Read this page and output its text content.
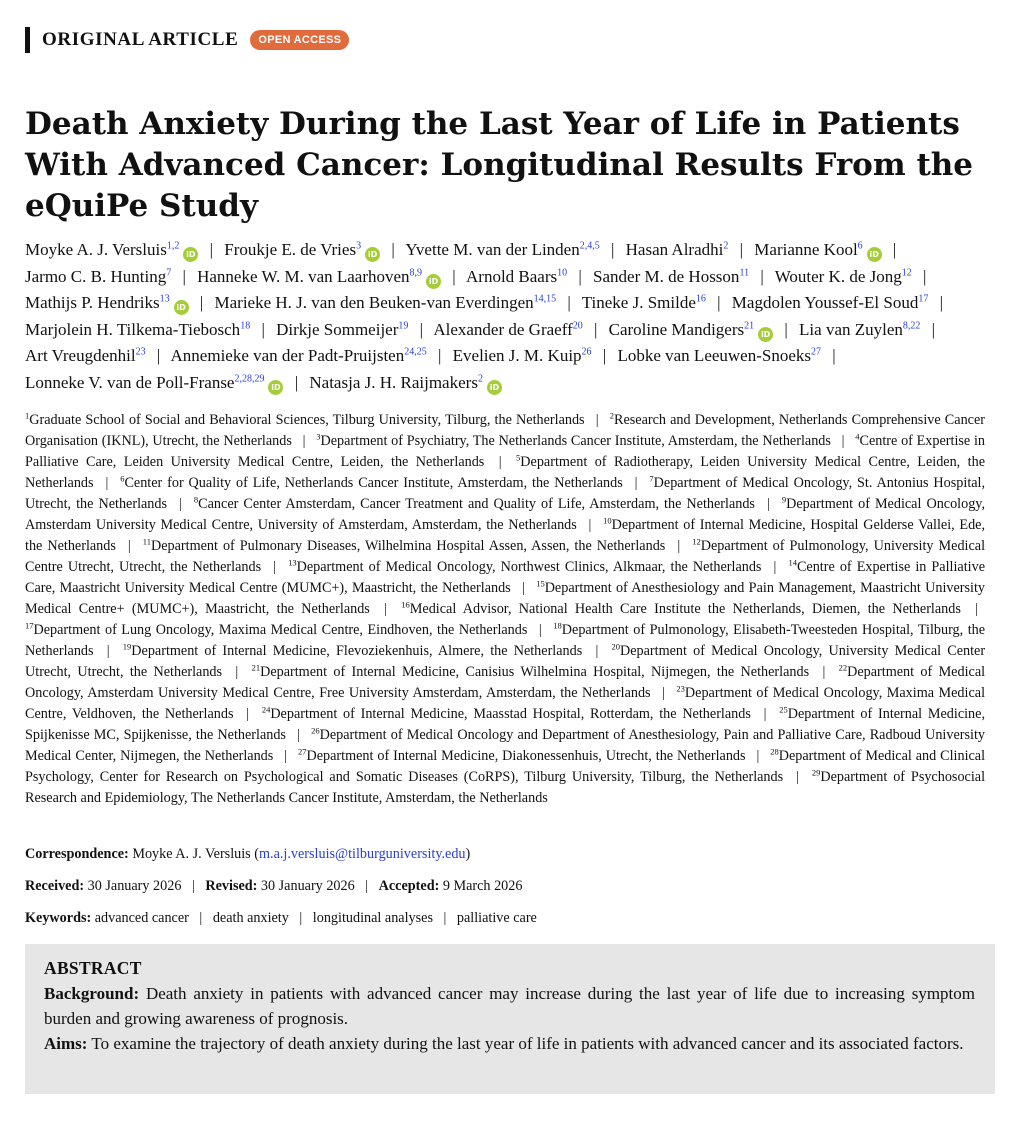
ORIGINAL ARTICLE	OPEN ACCESS
Death Anxiety During the Last Year of Life in Patients With Advanced Cancer: Longitudinal Results From the eQuiPe Study
Moyke A. J. Versluis$^{1,2}$iD | Froukje E. de Vries$^3$iD | Yvette M. van der Linden$^{2,4,5}$ | Hasan Alradhi$^2$ | Marianne Kool$^6$iD | Jarmo C. B. Hunting$^7$ | Hanneke W. M. van Laarhoven$^{8,9}$iD | Arnold Baars$^{10}$ | Sander M. de Hosson$^{11}$ | Wouter K. de Jong$^{12}$ | Mathijs P. Hendriks$^{13}$iD | Marieke H. J. van den Beuken-van Everdingen$^{14,15}$ | Tineke J. Smilde$^{16}$ | Magdolen Youssef-El Soud$^{17}$ | Marjolein H. Tilkema-Tiebosch$^{18}$ | Dirkje Sommeijer$^{19}$ | Alexander de Graeff$^{20}$ | Caroline Mandigers$^{21}$iD | Lia van Zuylen$^{8,22}$ | Art Vreugdenhil$^{23}$ | Annemieke van der Padt-Pruijsten$^{24,25}$ | Evelien J. M. Kuip$^{26}$ | Lobke van Leeuwen-Snoeks$^{27}$ | Lonneke V. van de Poll-Franse$^{2,28,29}$iD | Natasja J. H. Raijmakers$^2$iD
$^1$Graduate School of Social and Behavioral Sciences, Tilburg University, Tilburg, the Netherlands | $^2$Research and Development, Netherlands Comprehensive Cancer Organisation (IKNL), Utrecht, the Netherlands | $^3$Department of Psychiatry, The Netherlands Cancer Institute, Amsterdam, the Netherlands | $^4$Centre of Expertise in Palliative Care, Leiden University Medical Centre, Leiden, the Netherlands | $^5$Department of Radiotherapy, Leiden University Medical Centre, Leiden, the Netherlands | $^6$Center for Quality of Life, Netherlands Cancer Institute, Amsterdam, the Netherlands | $^7$Department of Medical Oncology, St. Antonius Hospital, Utrecht, the Netherlands | $^8$Cancer Center Amsterdam, Cancer Treatment and Quality of Life, Amsterdam, the Netherlands | $^9$Department of Medical Oncology, Amsterdam University Medical Centre, University of Amsterdam, Amsterdam, the Netherlands | $^{10}$Department of Internal Medicine, Hospital Gelderse Vallei, Ede, the Netherlands | $^{11}$Department of Pulmonary Diseases, Wilhelmina Hospital Assen, Assen, the Netherlands | $^{12}$Department of Pulmonology, University Medical Centre Utrecht, Utrecht, the Netherlands | $^{13}$Department of Medical Oncology, Northwest Clinics, Alkmaar, the Netherlands | $^{14}$Centre of Expertise in Palliative Care, Maastricht University Medical Centre (MUMC+), Maastricht, the Netherlands | $^{15}$Department of Anesthesiology and Pain Management, Maastricht University Medical Centre+ (MUMC+), Maastricht, the Netherlands | $^{16}$Medical Advisor, National Health Care Institute the Netherlands, Diemen, the Netherlands | $^{17}$Department of Lung Oncology, Maxima Medical Centre, Eindhoven, the Netherlands | $^{18}$Department of Pulmonology, Elisabeth-Tweesteden Hospital, Tilburg, the Netherlands | $^{19}$Department of Internal Medicine, Flevoziekenhuis, Almere, the Netherlands | $^{20}$Department of Medical Oncology, University Medical Center Utrecht, Utrecht, the Netherlands | $^{21}$Department of Internal Medicine, Canisius Wilhelmina Hospital, Nijmegen, the Netherlands | $^{22}$Department of Medical Oncology, Amsterdam University Medical Centre, Free University Amsterdam, Amsterdam, the Netherlands | $^{23}$Department of Medical Oncology, Maxima Medical Centre, Veldhoven, the Netherlands | $^{24}$Department of Internal Medicine, Maasstad Hospital, Rotterdam, the Netherlands | $^{25}$Department of Internal Medicine, Spijkenisse MC, Spijkenisse, the Netherlands | $^{26}$Department of Medical Oncology and Department of Anesthesiology, Pain and Palliative Care, Radboud University Medical Center, Nijmegen, the Netherlands | $^{27}$Department of Internal Medicine, Diakonessenhuis, Utrecht, the Netherlands | $^{28}$Department of Medical and Clinical Psychology, Center for Research on Psychological and Somatic Diseases (CoRPS), Tilburg University, Tilburg, the Netherlands | $^{29}$Department of Psychosocial Research and Epidemiology, The Netherlands Cancer Institute, Amsterdam, the Netherlands
Correspondence: Moyke A. J. Versluis (m.a.j.versluis@tilburguniversity.edu)
Received: 30 January 2026 | Revised: 30 January 2026 | Accepted: 9 March 2026
Keywords: advanced cancer | death anxiety | longitudinal analyses | palliative care
ABSTRACT
Background: Death anxiety in patients with advanced cancer may increase during the last year of life due to increasing symptom burden and growing awareness of prognosis.
Aims: To examine the trajectory of death anxiety during the last year of life in patients with advanced cancer and its associated factors.
